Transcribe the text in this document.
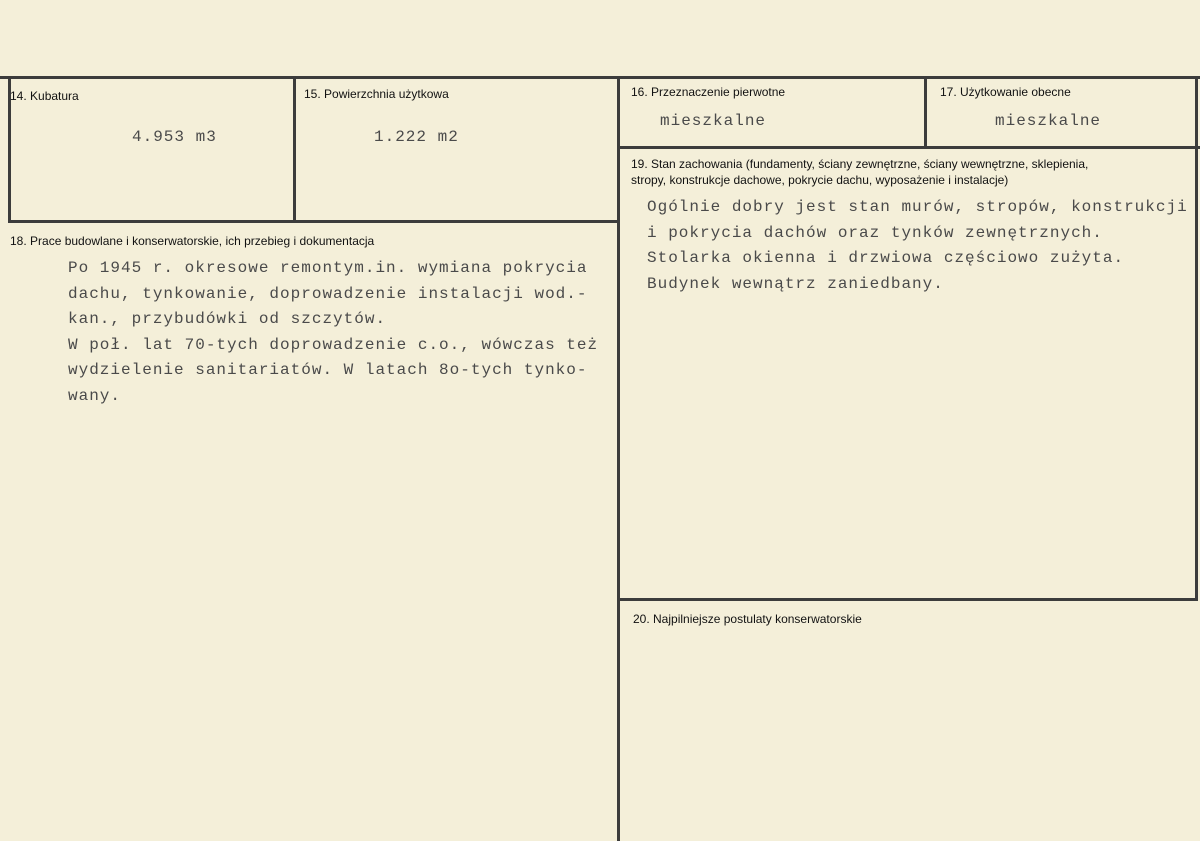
14. Kubatura
4.953 m3
15. Powierzchnia użytkowa
1.222 m2
16. Przeznaczenie pierwotne
mieszkalne
17. Użytkowanie obecne
mieszkalne
18. Prace budowlane i konserwatorskie, ich przebieg i dokumentacja
Po 1945 r. okresowe remontym.in. wymiana pokrycia
dachu, tynkowanie, doprowadzenie instalacji wod.-
kan., przybudówki od szczytów.
W poł. lat 70-tych doprowadzenie c.o., wówczas też
wydzielenie sanitariatów. W latach 8o-tych tynko-
wany.
19. Stan zachowania (fundamenty, ściany zewnętrzne, ściany wewnętrzne, sklepienia,
stropy, konstrukcje dachowe, pokrycie dachu, wyposażenie i instalacje)
Ogólnie dobry jest stan murów, stropów, konstrukcji
i pokrycia dachów oraz tynków zewnętrznych.
Stolarka okienna i drzwiowa częściowo zużyta.
Budynek wewnątrz zaniedbany.
20. Najpilniejsze postulaty konserwatorskie
